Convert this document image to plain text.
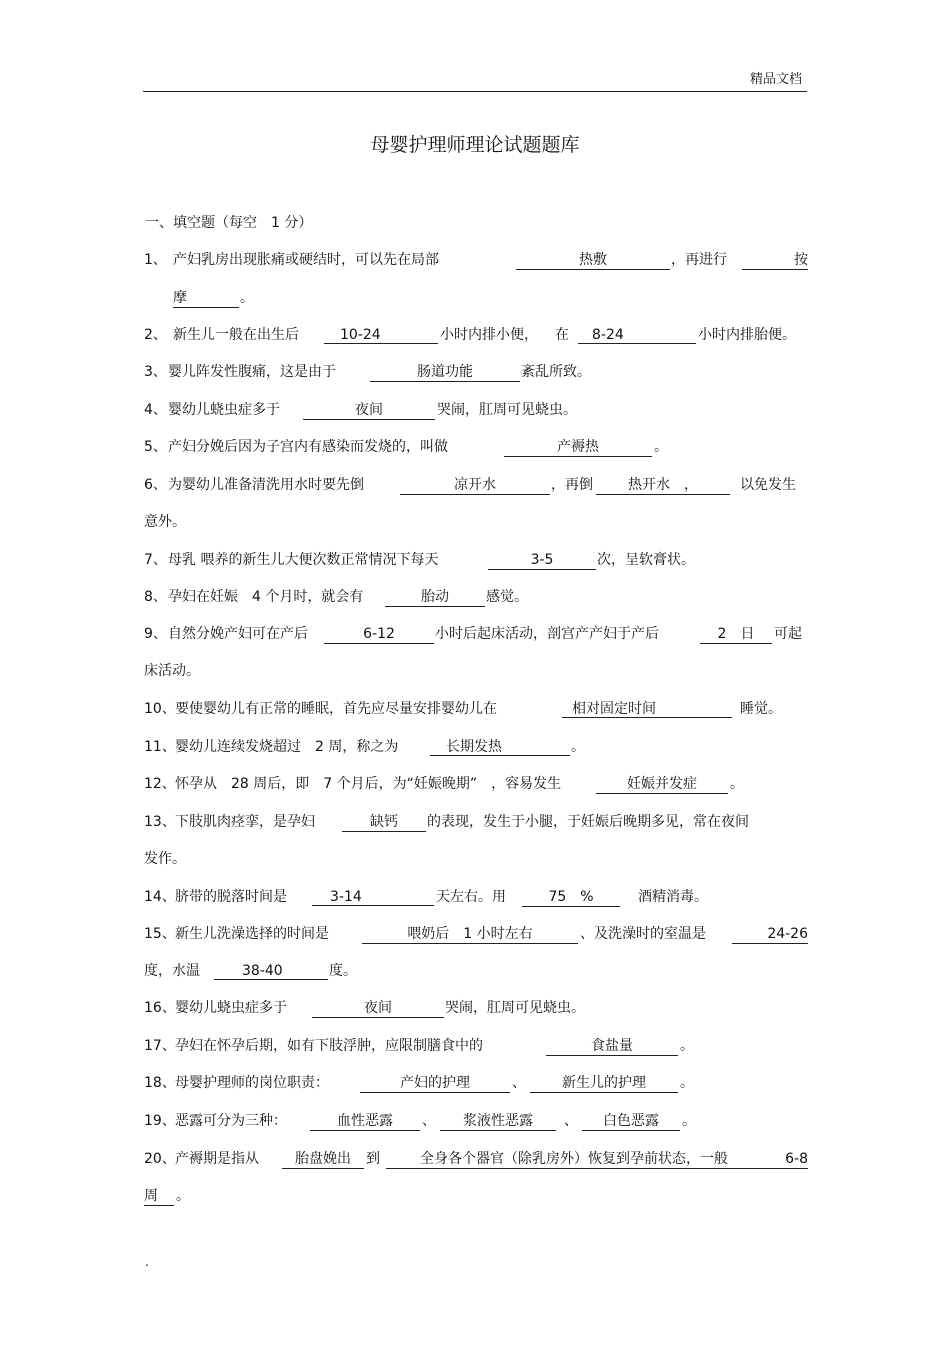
精品文档
母婴护理师理论试题题库
一、填空题（每空　1 分）
1、 产妇乳房出现胀痛或硬结时，可以先在局部	热敷	，再进行	按
摩	。
2、 新生儿一般在出生后	10-24	小时内排小便， 在	8-24	小时内排胎便。
3、 婴儿阵发性腹痛，这是由于	肠道功能	紊乱所致。
4、 婴幼儿蛲虫症多于	夜间	哭闹，肛周可见蛲虫。
5、 产妇分娩后因为子宫内有感染而发烧的，叫做	产褥热	。
6、 为婴幼儿准备清洗用水时要先倒	凉开水	，再倒	热开水　，	以免发生
意外。
7、 母乳 喂养的新生儿大便次数正常情况下每天	3-5	次，呈软膏状。
8、 孕妇在妊娠　4 个月时，就会有	胎动	感觉。
9、 自然分娩产妇可在产后	6-12	小时后起床活动，剖宫产产妇于产后	2　日	可起
床活动。
10、 要使婴幼儿有正常的睡眠，首先应尽量安排婴幼儿在	相对固定时间	睡觉。
11、 婴幼儿连续发烧超过　2 周，称之为	长期发热	。
12、 怀孕从　28 周后，即　7 个月后，为“妊娠晚期”　，容易发生	妊娠并发症	。
13、 下肢肌肉痉挛，是孕妇	缺钙	的表现，发生于小腿，于妊娠后晚期多见，常在夜间
发作。
14、 脐带的脱落时间是	3-14	天左右。用	75　%	酒精消毒。
15、 新生儿洗澡选择的时间是	喂奶后　1 小时左右	、及洗澡时的室温是	24-26
度，水温	38-40	度。
16、 婴幼儿蛲虫症多于	夜间	哭闹，肛周可见蛲虫。
17、 孕妇在怀孕后期，如有下肢浮肿，应限制膳食中的	食盐量	。
18、 母婴护理师的岗位职责：	产妇的护理	、	新生儿的护理	。
19、 恶露可分为三种：	血性恶露	、	浆液性恶露	、	白色恶露	。
20、 产褥期是指从	胎盘娩出	到	全身各个器官（除乳房外）恢复到孕前状态，一般	6-8
周	。
.
